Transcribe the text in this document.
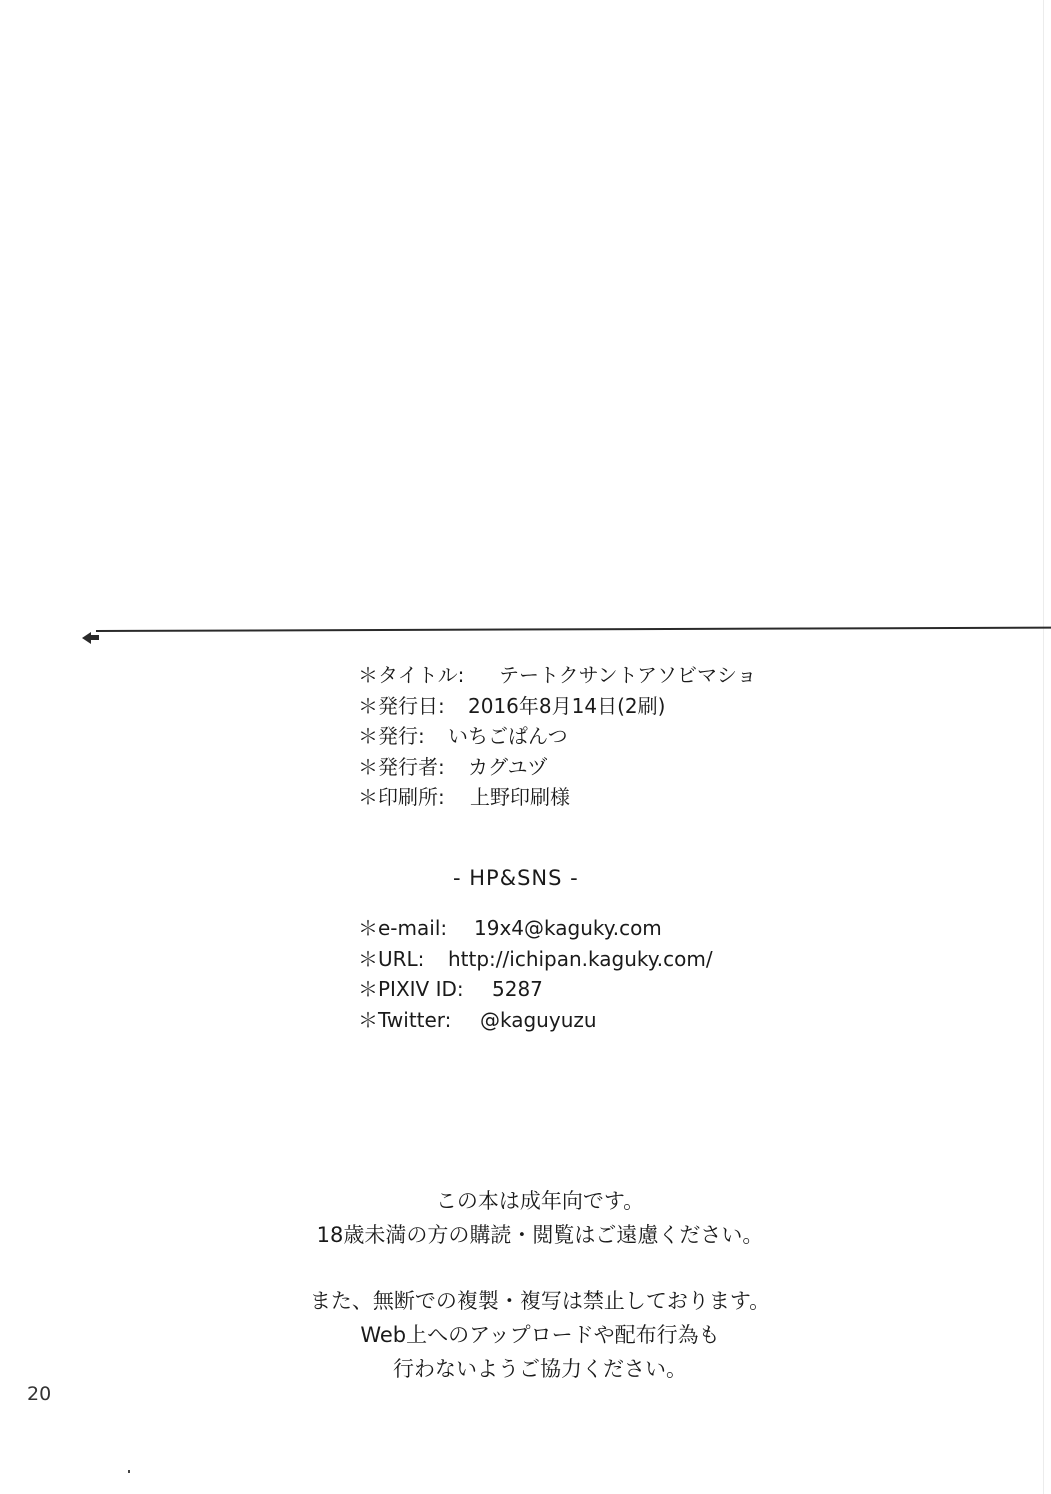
＊タイトル: テートクサントアソビマショ
＊発行日: 2016年8月14日(2刷)
＊発行: いちごぱんつ
＊発行者: カグユヅ
＊印刷所: 上野印刷様
- HP&SNS -
＊e-mail: 19x4@kaguky.com
＊URL: http://ichipan.kaguky.com/
＊PIXIV ID: 5287
＊Twitter: @kaguyuzu
この本は成年向です。
18歳未満の方の購読・閲覧はご遠慮ください。
また、無断での複製・複写は禁止しております。
Web上へのアップロードや配布行為も
行わないようご協力ください。
20
